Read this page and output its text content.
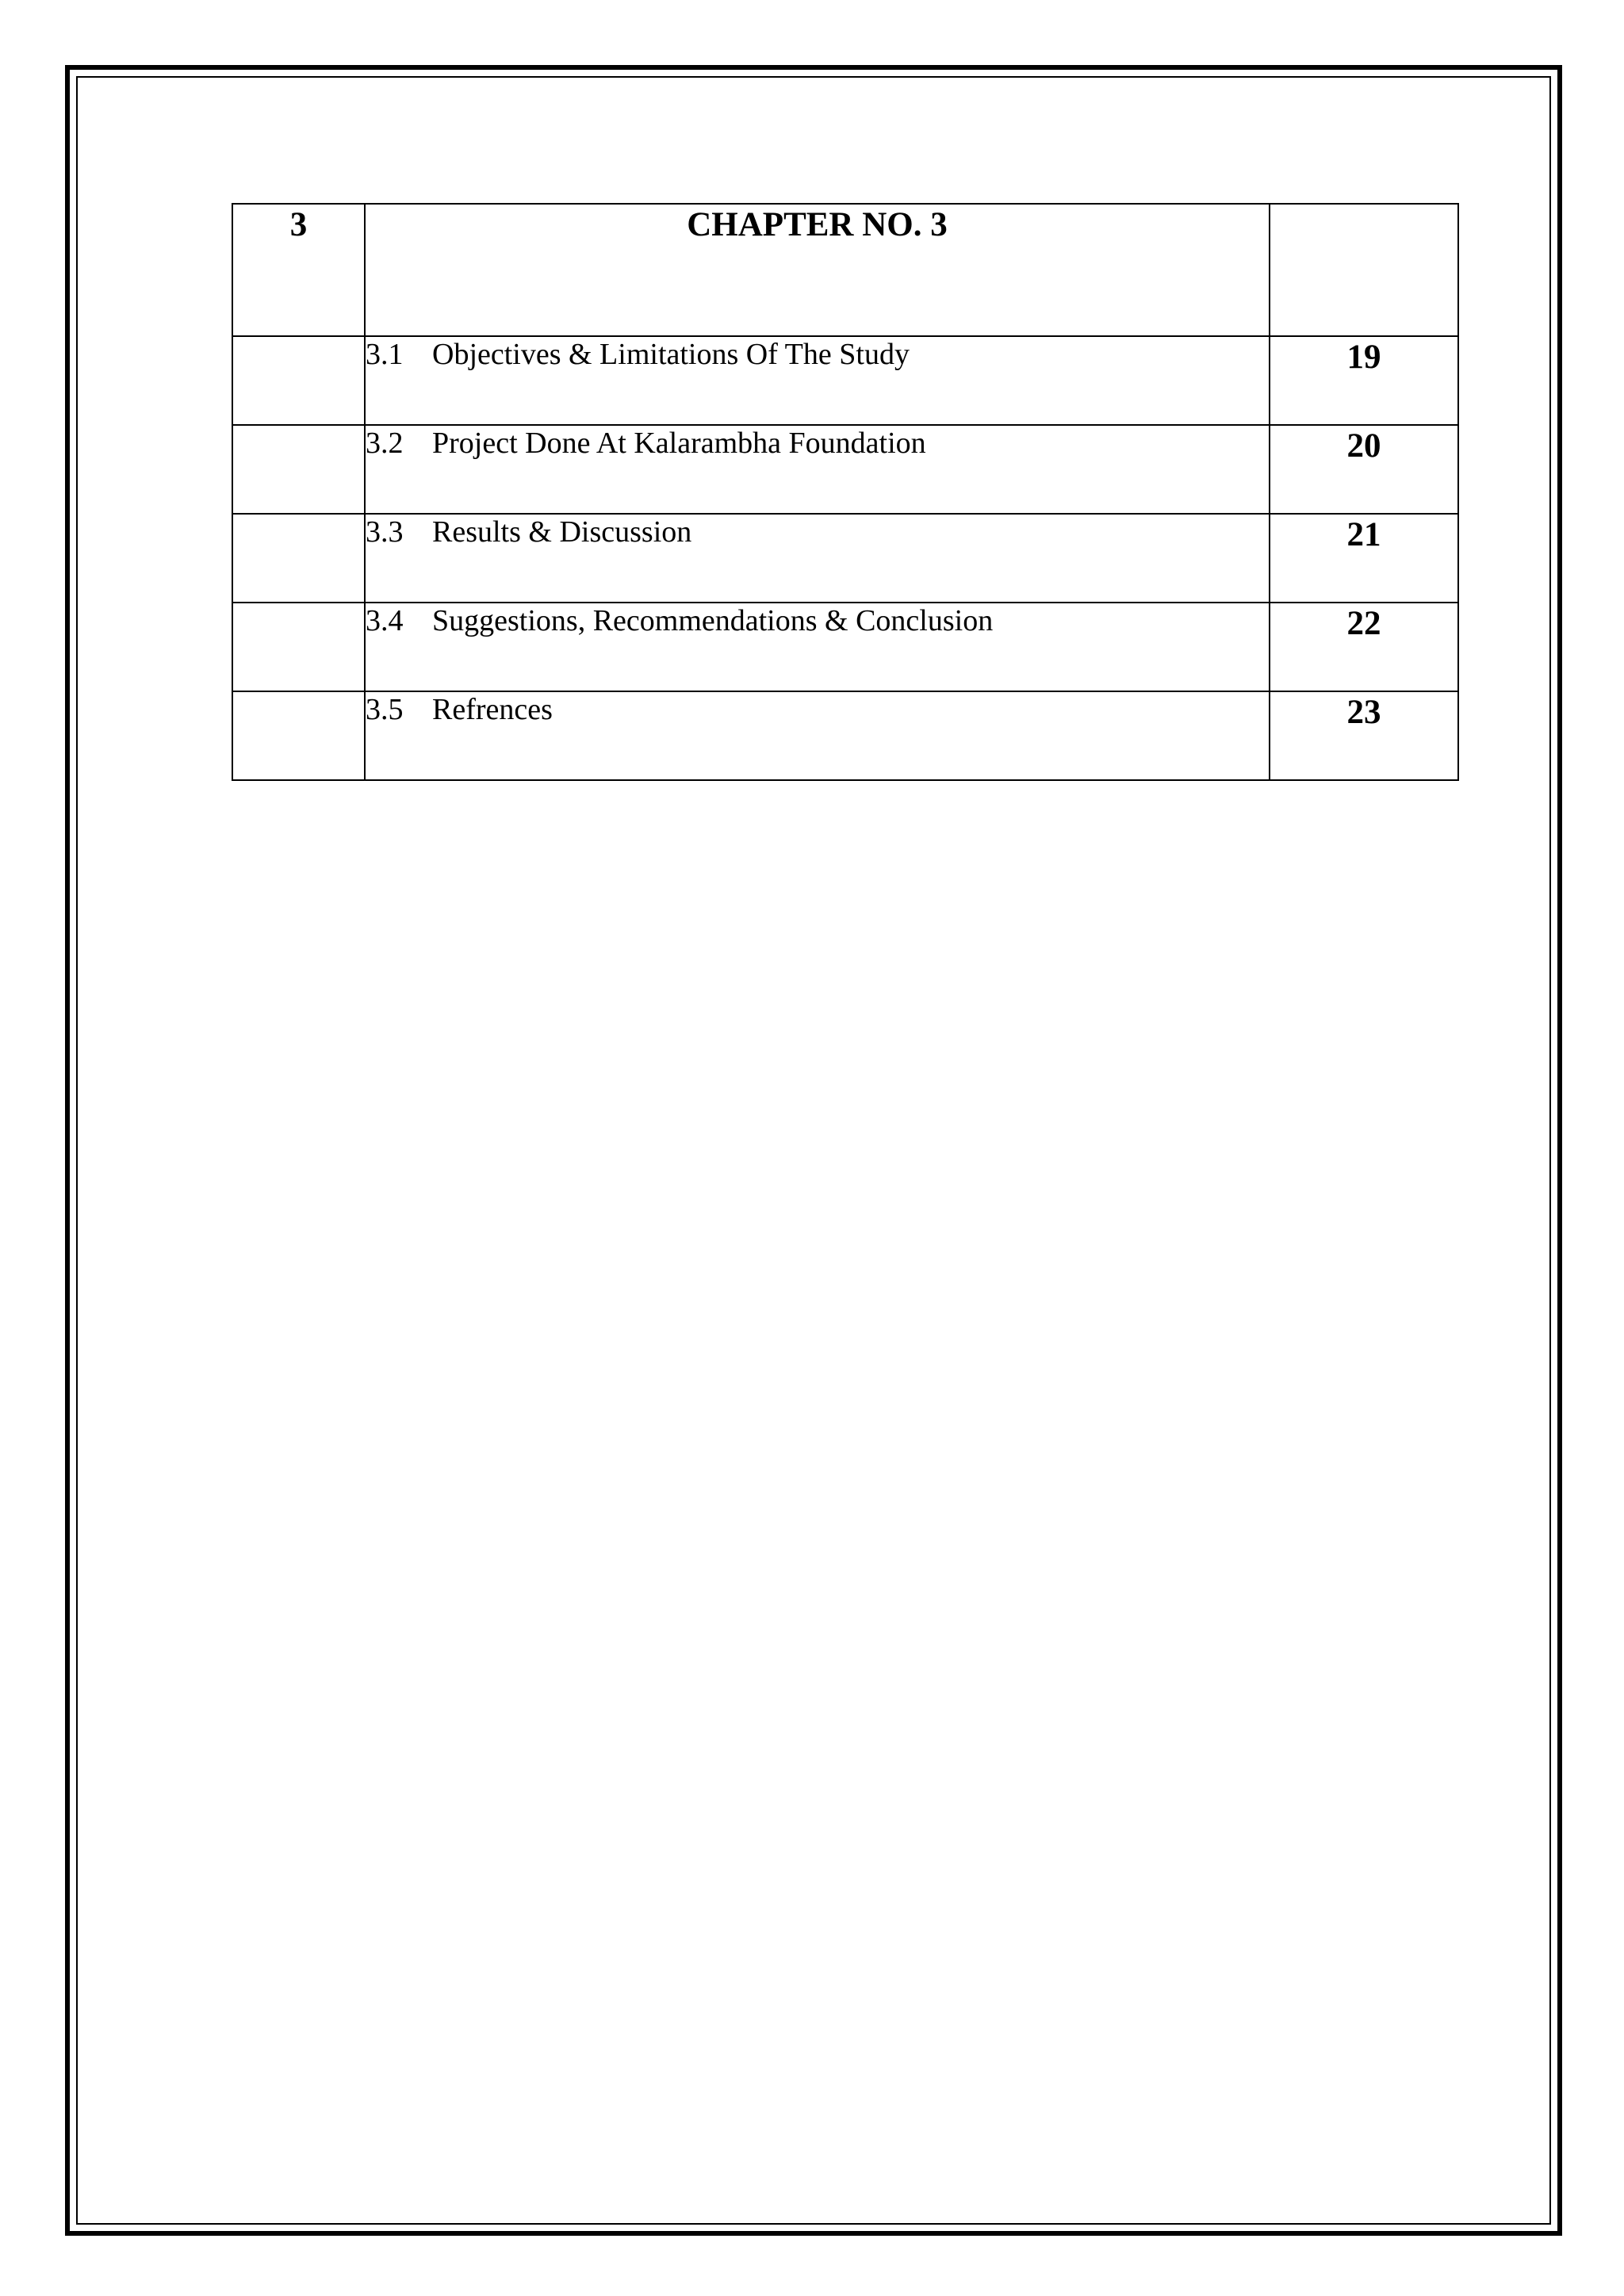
3	CHAPTER NO. 3	
	3.1 Objectives & Limitations Of The Study	19
	3.2 Project Done At Kalarambha Foundation	20
	3.3 Results & Discussion	21
	3.4 Suggestions, Recommendations & Conclusion	22
	3.5 Refrences	23
